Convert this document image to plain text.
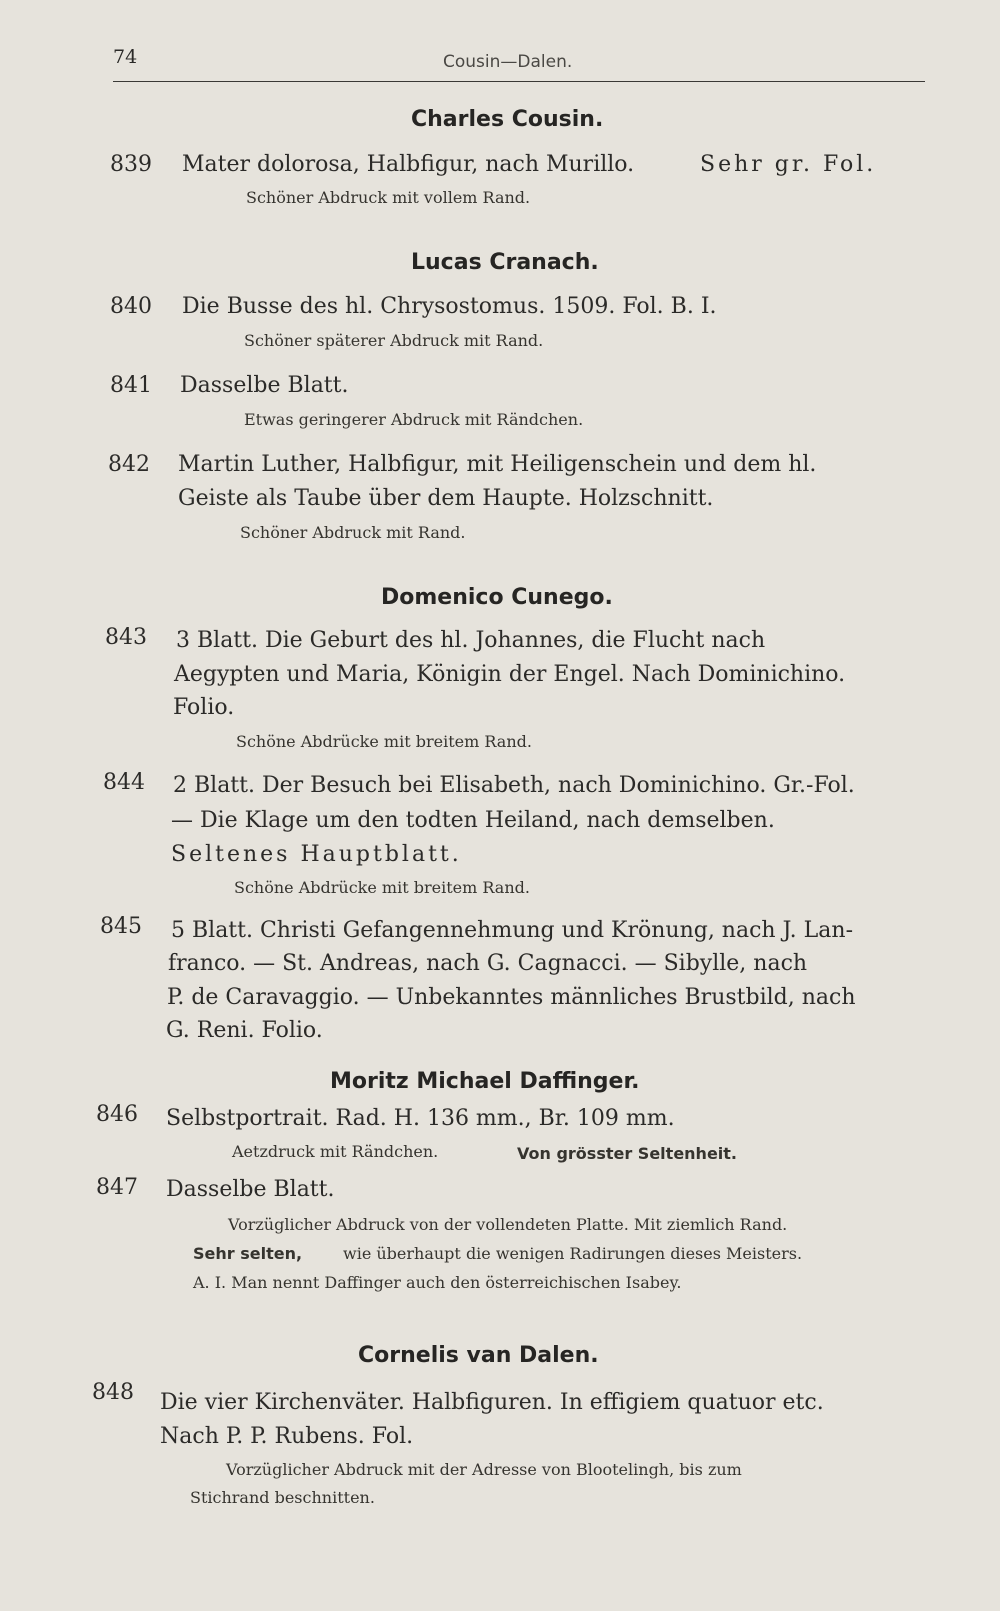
74	Cousin—Dalen.
Charles Cousin.
839 Mater dolorosa, Halbfigur, nach Murillo.	Sehr gr. Fol.
Schöner Abdruck mit vollem Rand.
Lucas Cranach.
840 Die Busse des hl. Chrysostomus. 1509. Fol. B. I.
Schöner späterer Abdruck mit Rand.
841 Dasselbe Blatt.
Etwas geringerer Abdruck mit Rändchen.
842 Martin Luther, Halbfigur, mit Heiligenschein und dem hl.
Geiste als Taube über dem Haupte. Holzschnitt.
Schöner Abdruck mit Rand.
Domenico Cunego.
843 3 Blatt. Die Geburt des hl. Johannes, die Flucht nach
Aegypten und Maria, Königin der Engel. Nach Dominichino.
Folio.
Schöne Abdrücke mit breitem Rand.
844 2 Blatt. Der Besuch bei Elisabeth, nach Dominichino. Gr.-Fol.
— Die Klage um den todten Heiland, nach demselben.
Seltenes Hauptblatt.
Schöne Abdrücke mit breitem Rand.
845 5 Blatt. Christi Gefangennehmung und Krönung, nach J. Lan-
franco. — St. Andreas, nach G. Cagnacci. — Sibylle, nach
P. de Caravaggio. — Unbekanntes männliches Brustbild, nach
G. Reni. Folio.
Moritz Michael Daffinger.
846 Selbstportrait. Rad. H. 136 mm., Br. 109 mm.
Aetzdruck mit Rändchen.	Von grösster Seltenheit.
847 Dasselbe Blatt.
Vorzüglicher Abdruck von der vollendeten Platte. Mit ziemlich Rand.
Sehr selten,	wie überhaupt die wenigen Radirungen dieses Meisters.
A. I. Man nennt Daffinger auch den österreichischen Isabey.
Cornelis van Dalen.
848 Die vier Kirchenväter. Halbfiguren. In effigiem quatuor etc.
Nach P. P. Rubens. Fol.
Vorzüglicher Abdruck mit der Adresse von Blootelingh, bis zum
Stichrand beschnitten.
